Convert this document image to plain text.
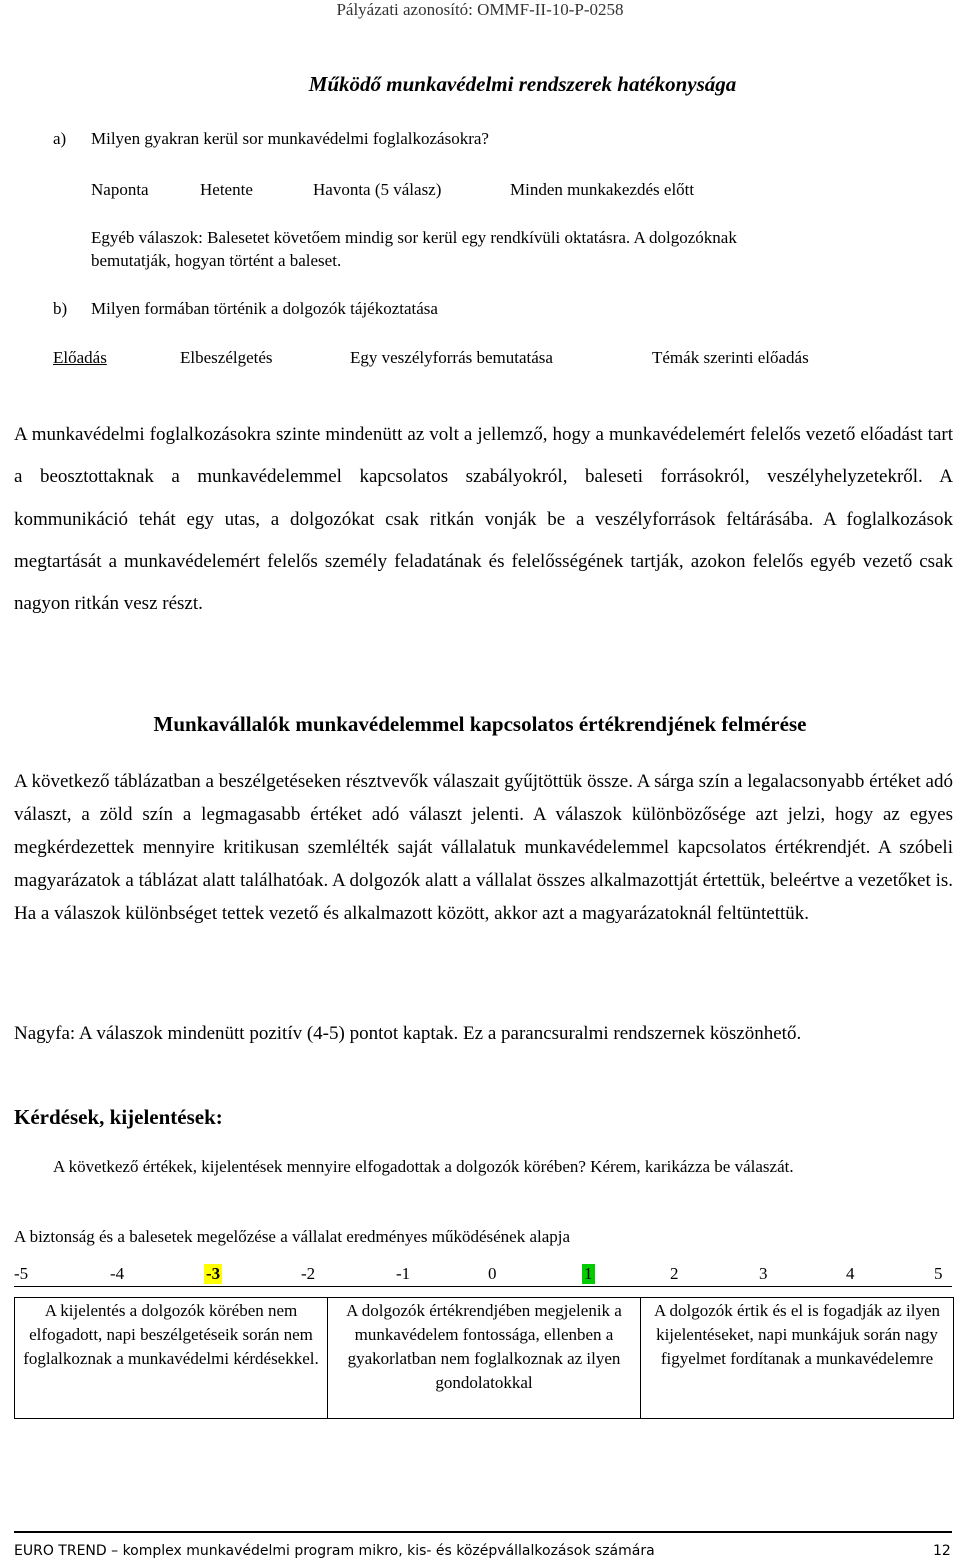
Pályázati azonosító: OMMF-II-10-P-0258
Működő munkavédelmi rendszerek hatékonysága
a) Milyen gyakran kerül sor munkavédelmi foglalkozásokra?
Naponta	Hetente	Havonta (5 válasz)	Minden munkakezdés előtt
Egyéb válaszok: Balesetet követőem mindig sor kerül egy rendkívüli oktatásra. A dolgozóknak
bemutatják, hogyan történt a baleset.
b) Milyen formában történik a dolgozók tájékoztatása
Előadás	Elbeszélgetés	Egy veszélyforrás bemutatása	Témák szerinti előadás

A munkavédelmi foglalkozásokra szinte mindenütt az volt a jellemző, hogy a munkavédelemért felelős vezető előadást tart a beosztottaknak a munkavédelemmel kapcsolatos szabályokról, baleseti forrásokról, veszélyhelyzetekről. A kommunikáció tehát egy utas, a dolgozókat csak ritkán vonják be a veszélyforrások feltárásába. A foglalkozások megtartását a munkavédelemért felelős személy feladatának és felelősségének tartják, azokon felelős egyéb vezető csak nagyon ritkán vesz részt.

Munkavállalók munkavédelemmel kapcsolatos értékrendjének felmérése

A következő táblázatban a beszélgetéseken résztvevők válaszait gyűjtöttük össze. A sárga szín a legalacsonyabb értéket adó választ, a zöld szín a legmagasabb értéket adó választ jelenti. A válaszok különbözősége azt jelzi, hogy az egyes megkérdezettek mennyire kritikusan szemlélték saját vállalatuk munkavédelemmel kapcsolatos értékrendjét. A szóbeli magyarázatok a táblázat alatt találhatóak. A dolgozók alatt a vállalat összes alkalmazottját értettük, beleértve a vezetőket is. Ha a válaszok különbséget tettek vezető és alkalmazott között, akkor azt a magyarázatoknál feltüntettük.

Nagyfa: A válaszok mindenütt pozitív (4-5) pontot kaptak. Ez a parancsuralmi rendszernek köszönhető.

Kérdések, kijelentések:
A következő értékek, kijelentések mennyire elfogadottak a dolgozók körében? Kérem, karikázza be válaszát.
A biztonság és a balesetek megelőzése a vállalat eredményes működésének alapja
-5	-4	-3	-2	-1	0	1	2	3	4	5
A kijelentés a dolgozók körében nem elfogadott, napi beszélgetéseik során nem foglalkoznak a munkavédelmi kérdésekkel.
A dolgozók értékrendjében megjelenik a munkavédelem fontossága, ellenben a gyakorlatban nem foglalkoznak az ilyen gondolatokkal
A dolgozók értik és el is fogadják az ilyen kijelentéseket, napi munkájuk során nagy figyelmet fordítanak a munkavédelemre
EURO TREND – komplex munkavédelmi program mikro, kis- és középvállalkozások számára	12
